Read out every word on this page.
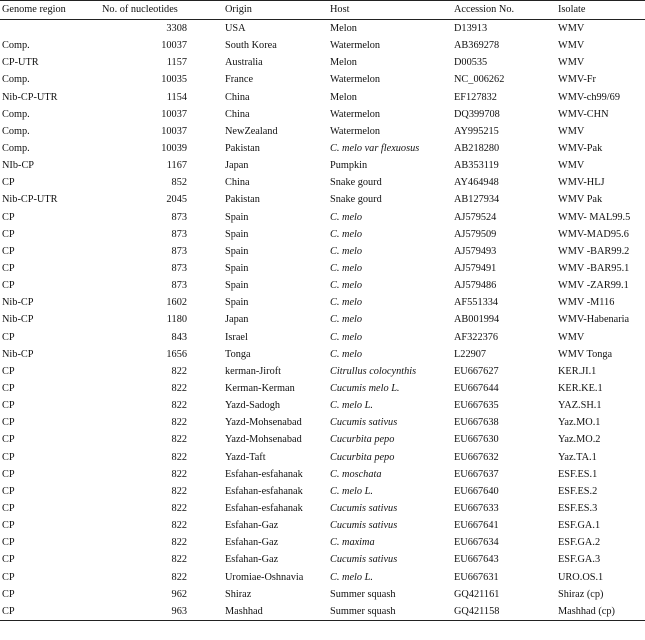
Genome region	No. of nucleotides	Origin	Host	Accession No.	Isolate
	3308	USA	Melon	D13913	WMV
Comp.	10037	South Korea	Watermelon	AB369278	WMV
CP-UTR	1157	Australia	Melon	D00535	WMV
Comp.	10035	France	Watermelon	NC_006262	WMV-Fr
Nib-CP-UTR	1154	China	Melon	EF127832	WMV-ch99/69
Comp.	10037	China	Watermelon	DQ399708	WMV-CHN
Comp.	10037	NewZealand	Watermelon	AY995215	WMV
Comp.	10039	Pakistan	C. melo var flexuosus	AB218280	WMV-Pak
NIb-CP	1167	Japan	Pumpkin	AB353119	WMV
CP	852	China	Snake gourd	AY464948	WMV-HLJ
Nib-CP-UTR	2045	Pakistan	Snake gourd	AB127934	WMV Pak
CP	873	Spain	C. melo	AJ579524	WMV- MAL99.5
CP	873	Spain	C. melo	AJ579509	WMV-MAD95.6
CP	873	Spain	C. melo	AJ579493	WMV -BAR99.2
CP	873	Spain	C. melo	AJ579491	WMV -BAR95.1
CP	873	Spain	C. melo	AJ579486	WMV -ZAR99.1
Nib-CP	1602	Spain	C. melo	AF551334	WMV -M116
Nib-CP	1180	Japan	C. melo	AB001994	WMV-Habenaria
CP	843	Israel	C. melo	AF322376	WMV
Nib-CP	1656	Tonga	C. melo	L22907	WMV Tonga
CP	822	kerman-Jiroft	Citrullus colocynthis	EU667627	KER.JI.1
CP	822	Kerman-Kerman	Cucumis melo L.	EU667644	KER.KE.1
CP	822	Yazd-Sadogh	C. melo L.	EU667635	YAZ.SH.1
CP	822	Yazd-Mohsenabad	Cucumis sativus	EU667638	Yaz.MO.1
CP	822	Yazd-Mohsenabad	Cucurbita pepo	EU667630	Yaz.MO.2
CP	822	Yazd-Taft	Cucurbita pepo	EU667632	Yaz.TA.1
CP	822	Esfahan-esfahanak	C. moschata	EU667637	ESF.ES.1
CP	822	Esfahan-esfahanak	C. melo L.	EU667640	ESF.ES.2
CP	822	Esfahan-esfahanak	Cucumis sativus	EU667633	ESF.ES.3
CP	822	Esfahan-Gaz	Cucumis sativus	EU667641	ESF.GA.1
CP	822	Esfahan-Gaz	C. maxima	EU667634	ESF.GA.2
CP	822	Esfahan-Gaz	Cucumis sativus	EU667643	ESF.GA.3
CP	822	Uromiae-Oshnavia	C. melo L.	EU667631	URO.OS.1
CP	962	Shiraz	Summer squash	GQ421161	Shiraz (cp)
CP	963	Mashhad	Summer squash	GQ421158	Mashhad (cp)
